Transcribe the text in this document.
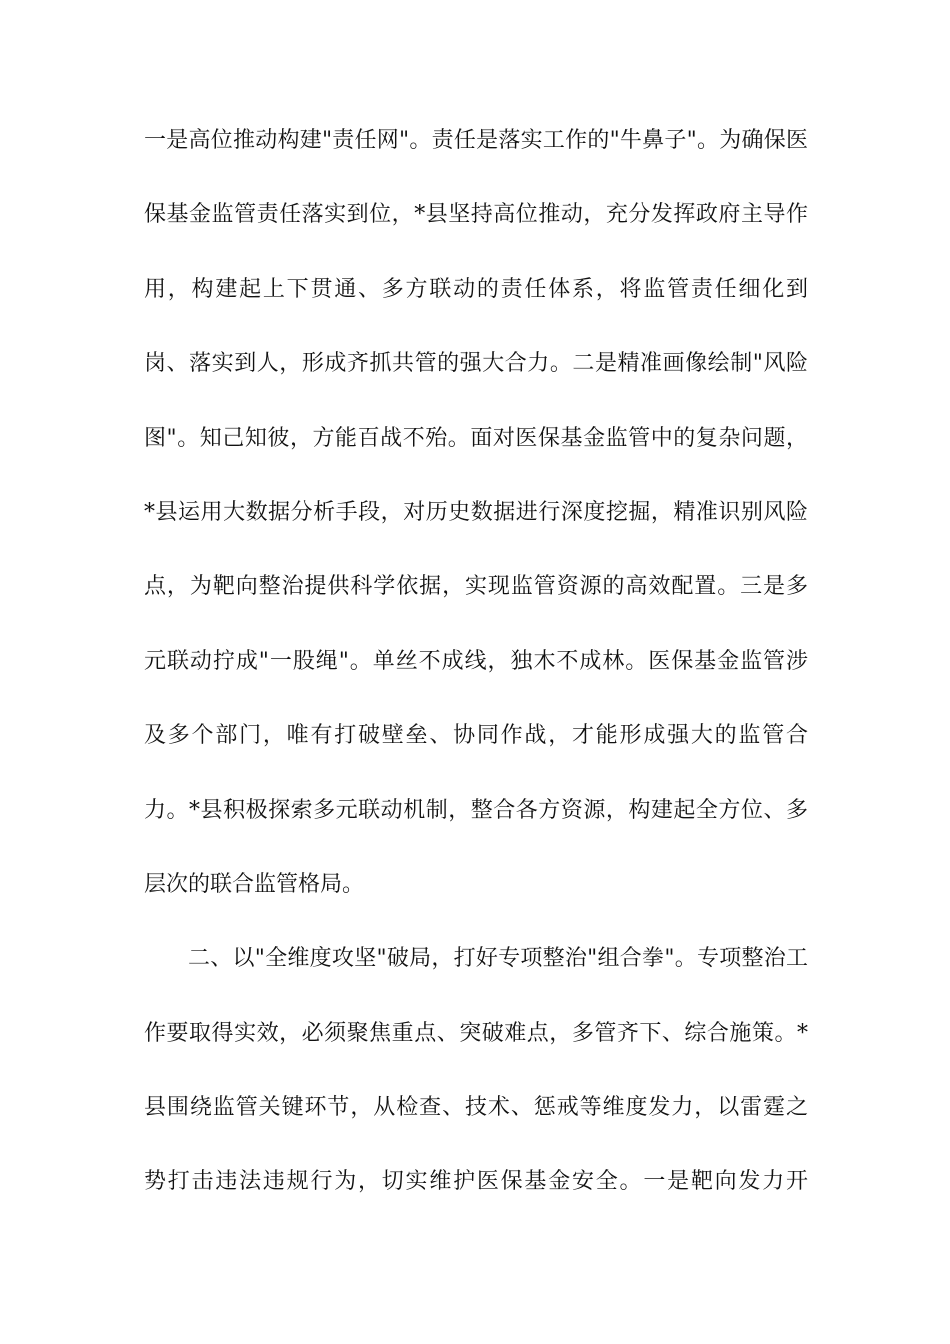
一是高位推动构建"责任网"。责任是落实工作的"牛鼻子"。为确保医
保基金监管责任落实到位，*县坚持高位推动，充分发挥政府主导作
用，构建起上下贯通、多方联动的责任体系，将监管责任细化到
岗、落实到人，形成齐抓共管的强大合力。二是精准画像绘制"风险
图"。知己知彼，方能百战不殆。面对医保基金监管中的复杂问题，
*县运用大数据分析手段，对历史数据进行深度挖掘，精准识别风险
点，为靶向整治提供科学依据，实现监管资源的高效配置。三是多
元联动拧成"一股绳"。单丝不成线，独木不成林。医保基金监管涉
及多个部门，唯有打破壁垒、协同作战，才能形成强大的监管合
力。*县积极探索多元联动机制，整合各方资源，构建起全方位、多
层次的联合监管格局。
二、以"全维度攻坚"破局，打好专项整治"组合拳"。专项整治工
作要取得实效，必须聚焦重点、突破难点，多管齐下、综合施策。*
县围绕监管关键环节，从检查、技术、惩戒等维度发力，以雷霆之
势打击违法违规行为，切实维护医保基金安全。一是靶向发力开
